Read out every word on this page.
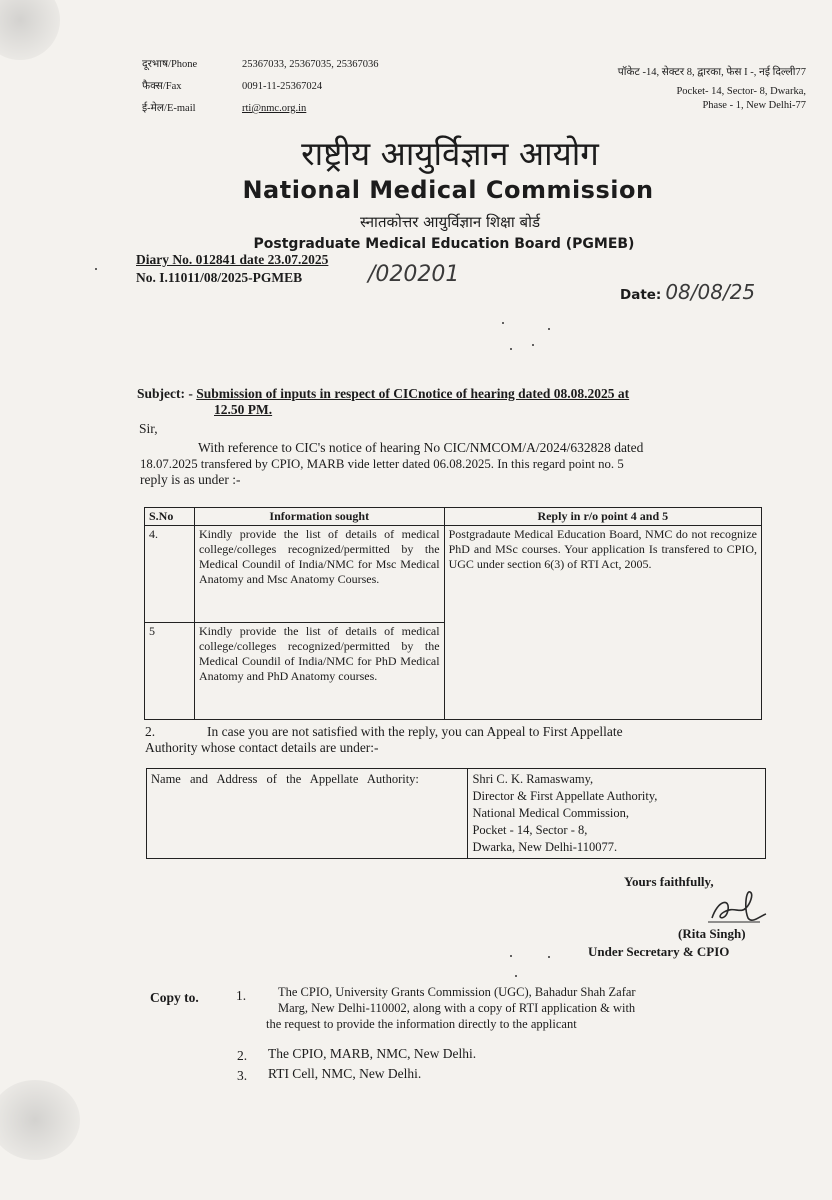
दूरभाष/Phone	25367033, 25367035, 25367036
फैक्स/Fax	0091-11-25367024
ई-मेल/E-mail	rti@nmc.org.in
पॉकेट -14, सेक्टर 8, द्वारका, फेस I -, नई दिल्ली77
Pocket- 14, Sector- 8, Dwarka,
Phase - 1, New Delhi-77
राष्ट्रीय आयुर्विज्ञान आयोग
National Medical Commission
स्नातकोत्तर आयुर्विज्ञान शिक्षा बोर्ड
Postgraduate Medical Education Board (PGMEB)
Diary No. 012841 date 23.07.2025
No. I.11011/08/2025-PGMEB	/020201
Date: 08/08/25
Subject: - Submission of inputs in respect of CICnotice of hearing dated 08.08.2025 at
12.50 PM.
Sir,
With reference to CIC's notice of hearing No CIC/NMCOM/A/2024/632828 dated
18.07.2025 transfered by CPIO, MARB vide letter dated 06.08.2025. In this regard point no. 5
reply is as under :-
S.No	Information sought	Reply in r/o point 4 and 5
4.	Kindly provide the list of details of medical college/colleges recognized/permitted by the Medical Coundil of India/NMC for Msc Medical Anatomy and Msc Anatomy Courses.	Postgradaute Medical Education Board, NMC do not recognize PhD and MSc courses. Your application Is transfered to CPIO, UGC under section 6(3) of RTI Act, 2005.
5	Kindly provide the list of details of medical college/colleges recognized/permitted by the Medical Coundil of India/NMC for PhD Medical Anatomy and PhD Anatomy courses.	
2.	In case you are not satisfied with the reply, you can Appeal to First Appellate
Authority whose contact details are under:-
Name and Address of the Appellate Authority:	Shri C. K. Ramaswamy,
Director & First Appellate Authority,
National Medical Commission,
Pocket - 14, Sector - 8,
Dwarka, New Delhi-110077.
Yours faithfully,
(Rita Singh)
Under Secretary & CPIO
Copy to.	1.	The CPIO, University Grants Commission (UGC), Bahadur Shah Zafar
Marg, New Delhi-110002, along with a copy of RTI application & with
the request to provide the information directly to the applicant
2. The CPIO, MARB, NMC, New Delhi.
3. RTI Cell, NMC, New Delhi.
